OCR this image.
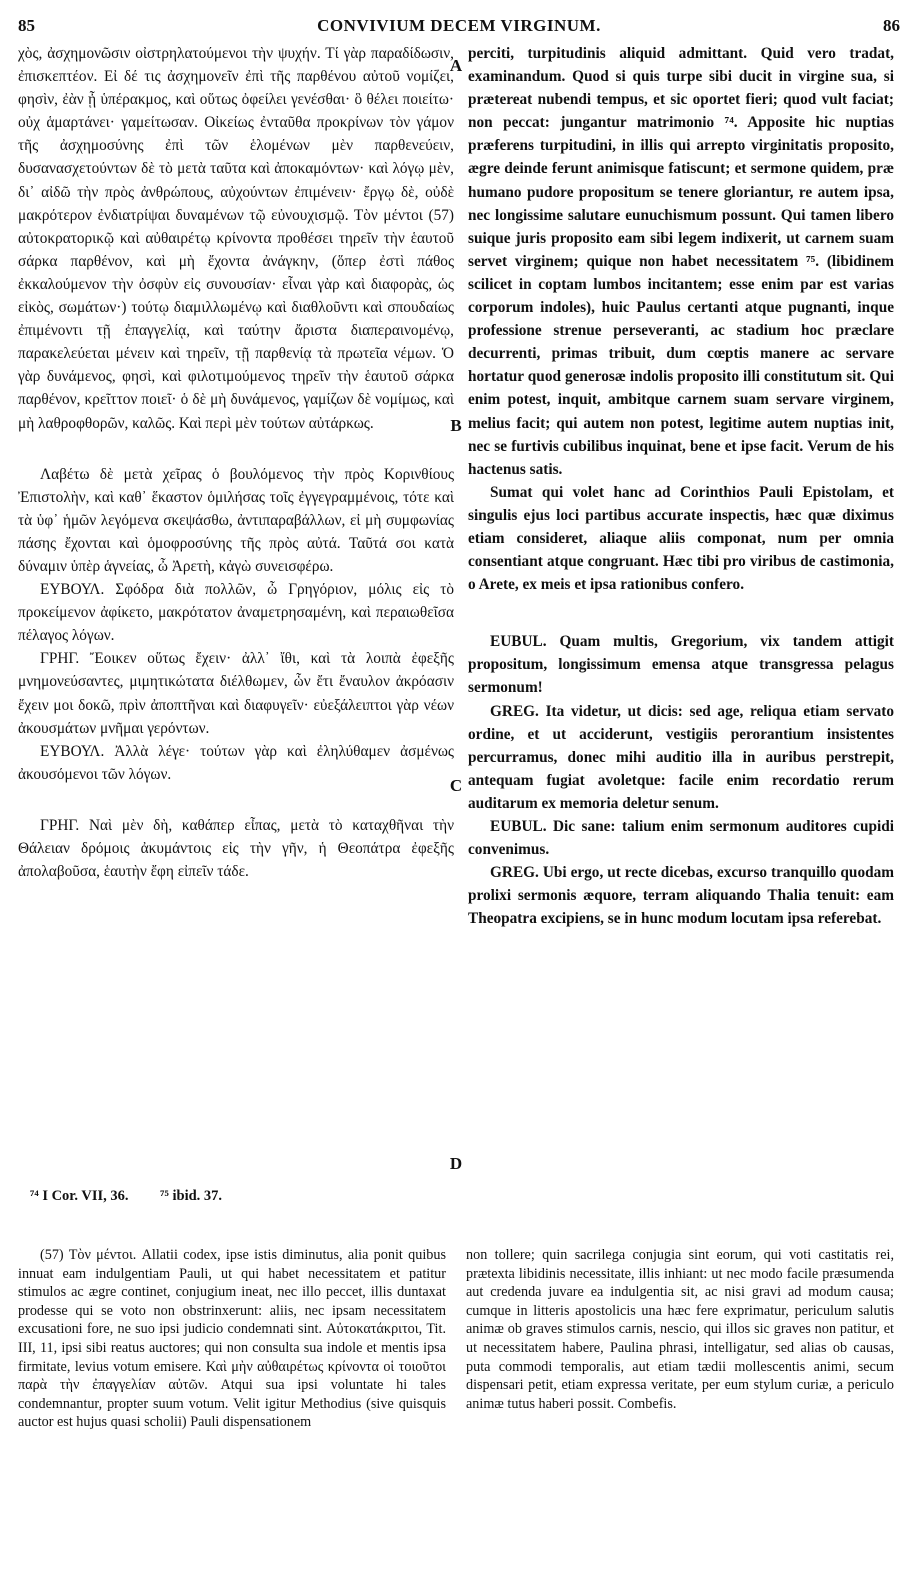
85	CONVIVIUM DECEM VIRGINUM.	86

χὸς, ἀσχημονῶσιν οἰστρηλατούμενοι τὴν ψυχήν. Τί γὰρ παραδίδωσιν, ἐπισκεπτέον. Εἰ δέ τις ἀσχημονεῖν ἐπὶ τῆς παρθένου αὐτοῦ νομίζει, φησὶν, ἐὰν ᾖ ὑπέρακμος, καὶ οὕτως ὀφείλει γενέσθαι· ὃ θέλει ποιείτω· οὐχ ἁμαρτάνει· γαμείτωσαν. Οἰκείως ἐνταῦθα προκρίνων τὸν γάμον τῆς ἀσχημοσύνης ἐπὶ τῶν ἑλομένων μὲν παρθενεύειν, δυσανασχετούντων δὲ τὸ μετὰ ταῦτα καὶ ἀποκαμόντων· καὶ λόγῳ μὲν, δι᾽ αἰδῶ τὴν πρὸς ἀνθρώπους, αὐχούντων ἐπιμένειν· ἔργῳ δὲ, οὐδὲ μακρότερον ἐνδιατρίψαι δυναμένων τῷ εὐνουχισμῷ. Τὸν μέντοι (57) αὐτοκρατορικῷ καὶ αὐθαιρέτῳ κρίνοντα προθέσει τηρεῖν τὴν ἑαυτοῦ σάρκα παρθένον, καὶ μὴ ἔχοντα ἀνάγκην, (ὅπερ ἐστὶ πάθος ἐκκαλούμενον τὴν ὀσφὺν εἰς συνουσίαν· εἶναι γὰρ καὶ διαφορὰς, ὡς εἰκὸς, σωμάτων·) τούτῳ διαμιλλωμένῳ καὶ διαθλοῦντι καὶ σπουδαίως ἐπιμένοντι τῇ ἐπαγγελίᾳ, καὶ ταύτην ἄριστα διαπεραινομένῳ, παρακελεύεται μένειν καὶ τηρεῖν, τῇ παρθενίᾳ τὰ πρωτεῖα νέμων. Ὁ γὰρ δυνάμενος, φησὶ, καὶ φιλοτιμούμενος τηρεῖν τὴν ἑαυτοῦ σάρκα παρθένον, κρεῖττον ποιεῖ· ὁ δὲ μὴ δυνάμενος, γαμίζων δὲ νομίμως, καὶ μὴ λαθροφθορῶν, καλῶς. Καὶ περὶ μὲν τούτων αὐτάρκως.

Λαβέτω δὲ μετὰ χεῖρας ὁ βουλόμενος τὴν πρὸς Κορινθίους Ἐπιστολὴν, καὶ καθ᾽ ἕκαστον ὁμιλήσας τοῖς ἐγγεγραμμένοις, τότε καὶ τὰ ὑφ᾽ ἡμῶν λεγόμενα σκεψάσθω, ἀντιπαραβάλλων, εἰ μὴ συμφωνίας πάσης ἔχονται καὶ ὁμοφροσύνης τῆς πρὸς αὐτά. Ταῦτά σοι κατὰ δύναμιν ὑπὲρ ἁγνείας, ὦ Ἀρετὴ, κἀγὼ συνεισφέρω.

ΕΥΒΟΥΛ. Σφόδρα διὰ πολλῶν, ὦ Γρηγόριον, μόλις εἰς τὸ προκείμενον ἀφίκετο, μακρότατον ἀναμετρησαμένη, καὶ περαιωθεῖσα πέλαγος λόγων.

ΓΡΗΓ. Ἔοικεν οὕτως ἔχειν· ἀλλ᾽ ἴθι, καὶ τὰ λοιπὰ ἐφεξῆς μνημονεύσαντες, μιμητικώτατα διέλθωμεν, ὧν ἔτι ἔναυλον ἀκρόασιν ἔχειν μοι δοκῶ, πρὶν ἀποπτῆναι καὶ διαφυγεῖν· εὐεξάλειπτοι γὰρ νέων ἀκουσμάτων μνῆμαι γερόντων.

ΕΥΒΟΥΛ. Ἀλλὰ λέγε· τούτων γὰρ καὶ ἐληλύθαμεν ἀσμένως ἀκουσόμενοι τῶν λόγων.

ΓΡΗΓ. Ναὶ μὲν δὴ, καθάπερ εἶπας, μετὰ τὸ καταχθῆναι τὴν Θάλειαν δρόμοις ἀκυμάντοις εἰς τὴν γῆν, ἡ Θεοπάτρα ἐφεξῆς ἀπολαβοῦσα, ἑαυτὴν ἔφη εἰπεῖν τάδε.

perciti, turpitudinis aliquid admittant. Quid vero tradat, examinandum. Quod si quis turpe sibi ducit in virgine sua, si prætereat nubendi tempus, et sic oportet fieri; quod vult faciat; non peccat: jungantur matrimonio ⁷⁴. Apposite hic nuptias præferens turpitudini, in illis qui arrepto virginitatis proposito, ægre deinde ferunt animisque fatiscunt; et sermone quidem, præ humano pudore propositum se tenere gloriantur, re autem ipsa, nec longissime salutare eunuchismum possunt. Qui tamen libero suique juris proposito eam sibi legem indixerit, ut carnem suam servet virginem; quique non habet necessitatem ⁷⁵. (libidinem scilicet in coptam lumbos incitantem; esse enim par est varias corporum indoles), huic Paulus certanti atque pugnanti, inque professione strenue perseveranti, ac stadium hoc præclare decurrenti, primas tribuit, dum cœptis manere ac servare hortatur quod generosæ indolis proposito illi constitutum sit. Qui enim potest, inquit, ambitque carnem suam servare virginem, melius facit; qui autem non potest, legitime autem nuptias init, nec se furtivis cubilibus inquinat, bene et ipse facit. Verum de his hactenus satis.

Sumat qui volet hanc ad Corinthios Pauli Epistolam, et singulis ejus loci partibus accurate inspectis, hæc quæ diximus etiam consideret, aliaque aliis componat, num per omnia consentiant atque congruant. Hæc tibi pro viribus de castimonia, o Arete, ex meis et ipsa rationibus confero.

EUBUL. Quam multis, Gregorium, vix tandem attigit propositum, longissimum emensa atque transgressa pelagus sermonum!

GREG. Ita videtur, ut dicis: sed age, reliqua etiam servato ordine, et ut acciderunt, vestigiis perorantium insistentes percurramus, donec mihi auditio illa in auribus perstrepit, antequam fugiat avoletque: facile enim recordatio rerum auditarum ex memoria deletur senum.

EUBUL. Dic sane: talium enim sermonum auditores cupidi convenimus.

GREG. Ubi ergo, ut recte dicebas, excurso tranquillo quodam prolixi sermonis æquore, terram aliquando Thalia tenuit: eam Theopatra excipiens, se in hunc modum locutam ipsa referebat.

A
B
C
D
⁷⁴ I Cor. VII, 36. ⁷⁵ ibid. 37.

(57) Τὸν μέντοι. Allatii codex, ipse istis diminutus, alia ponit quibus innuat eam indulgentiam Pauli, ut qui habet necessitatem et patitur stimulos ac ægre continet, conjugium ineat, nec illo peccet, illis duntaxat prodesse qui se voto non obstrinxerunt: aliis, nec ipsam necessitatem excusationi fore, ne suo ipsi judicio condemnati sint. Αὐτοκατάκριτοι, Tit. III, 11, ipsi sibi reatus auctores; qui non consulta sua indole et mentis ipsa firmitate, levius votum emisere. Καὶ μὴν αὐθαιρέτως κρίνοντα οἱ τοιοῦτοι παρὰ τὴν ἐπαγγελίαν αὐτῶν. Atqui sua ipsi voluntate hi tales condemnantur, propter suum votum. Velit igitur Methodius (sive quisquis auctor est hujus quasi scholii) Pauli dispensationem

non tollere; quin sacrilega conjugia sint eorum, qui voti castitatis rei, prætexta libidinis necessitate, illis inhiant: ut nec modo facile præsumenda aut credenda juvare ea indulgentia sit, ac nisi gravi ad modum causa; cumque in litteris apostolicis una hæc fere exprimatur, periculum salutis animæ ob graves stimulos carnis, nescio, qui illos sic graves non patitur, et ut necessitatem habere, Paulina phrasi, intelligatur, sed alias ob causas, puta commodi temporalis, aut etiam tædii mollescentis animi, secum dispensari petit, etiam expressa veritate, per eum stylum curiæ, a periculo animæ tutus haberi possit. Combefis.
